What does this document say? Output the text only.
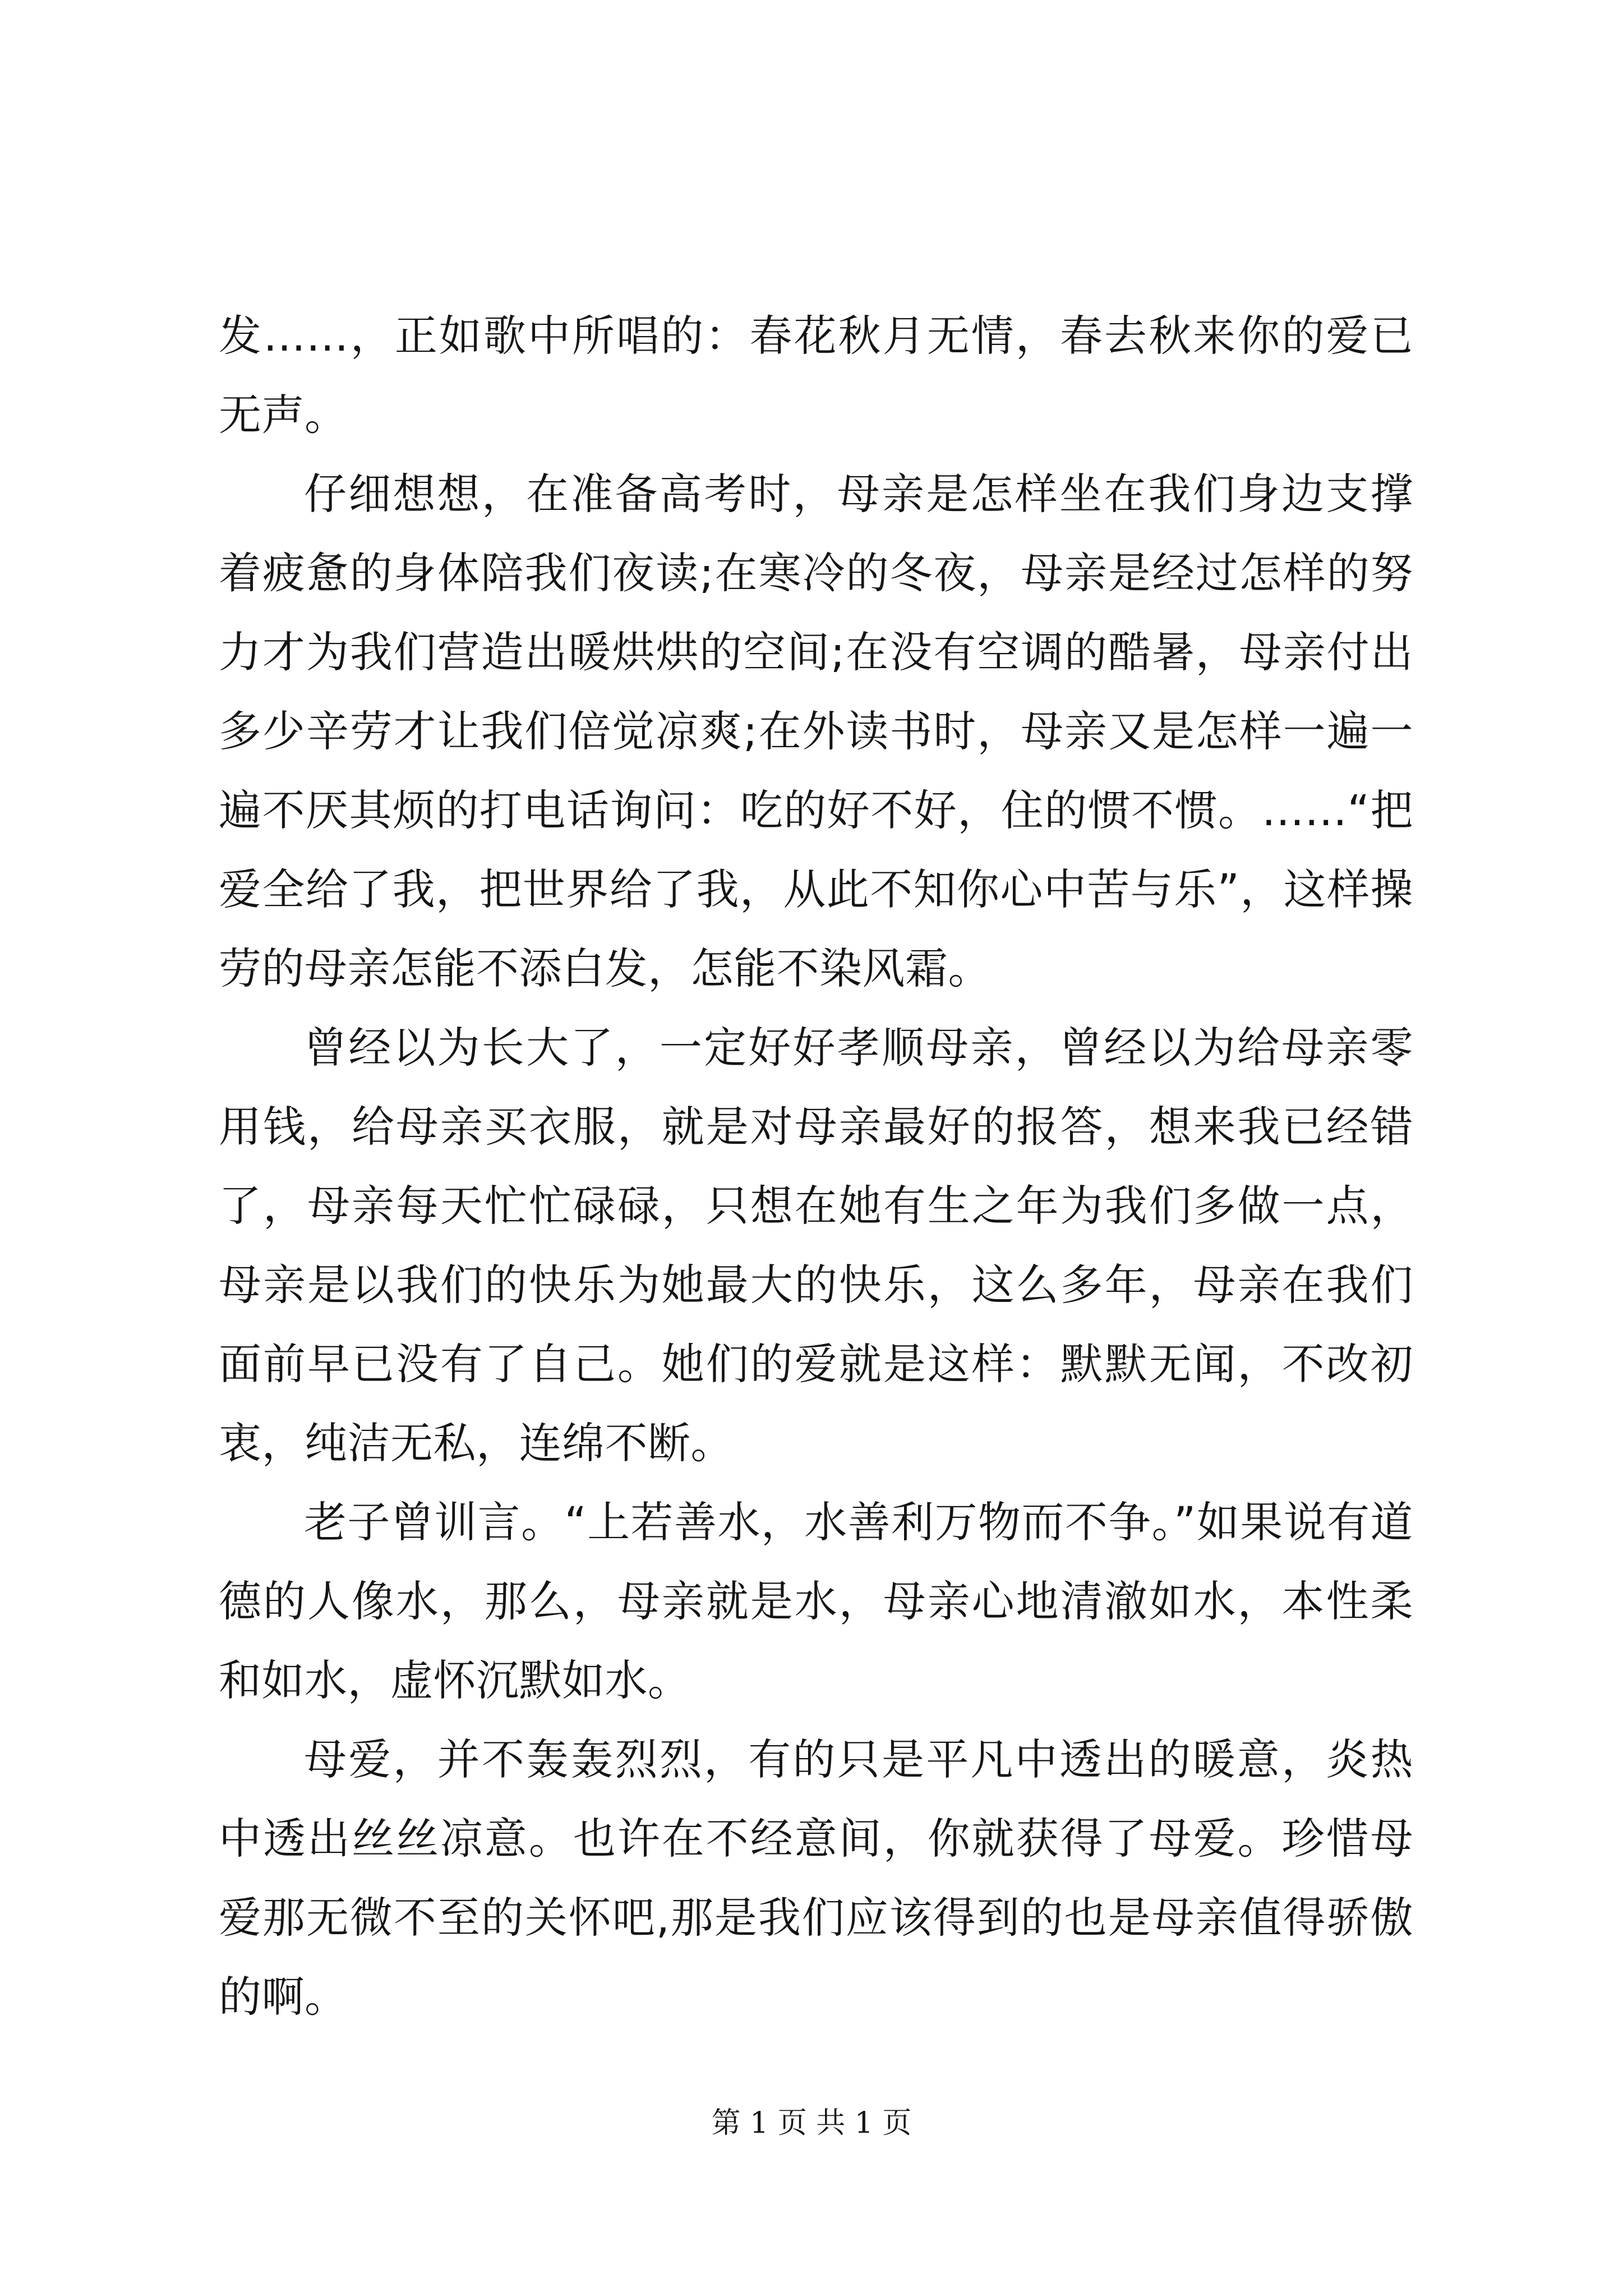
发……，正如歌中所唱的：春花秋月无情，春去秋来你的爱已无声。

仔细想想，在准备高考时，母亲是怎样坐在我们身边支撑着疲惫的身体陪我们夜读;在寒冷的冬夜，母亲是经过怎样的努力才为我们营造出暖烘烘的空间;在没有空调的酷暑，母亲付出多少辛劳才让我们倍觉凉爽;在外读书时，母亲又是怎样一遍一遍不厌其烦的打电话询问：吃的好不好，住的惯不惯。……“把爱全给了我，把世界给了我，从此不知你心中苦与乐”，这样操劳的母亲怎能不添白发，怎能不染风霜。

曾经以为长大了，一定好好孝顺母亲，曾经以为给母亲零用钱，给母亲买衣服，就是对母亲最好的报答，想来我已经错了，母亲每天忙忙碌碌，只想在她有生之年为我们多做一点，母亲是以我们的快乐为她最大的快乐，这么多年，母亲在我们面前早已没有了自己。她们的爱就是这样：默默无闻，不改初衷，纯洁无私，连绵不断。

老子曾训言。“上若善水，水善利万物而不争。”如果说有道德的人像水，那么，母亲就是水，母亲心地清澈如水，本性柔和如水，虚怀沉默如水。

母爱，并不轰轰烈烈，有的只是平凡中透出的暖意，炎热中透出丝丝凉意。也许在不经意间，你就获得了母爱。珍惜母爱那无微不至的关怀吧,那是我们应该得到的也是母亲值得骄傲的啊。

第 1 页 共 1 页
